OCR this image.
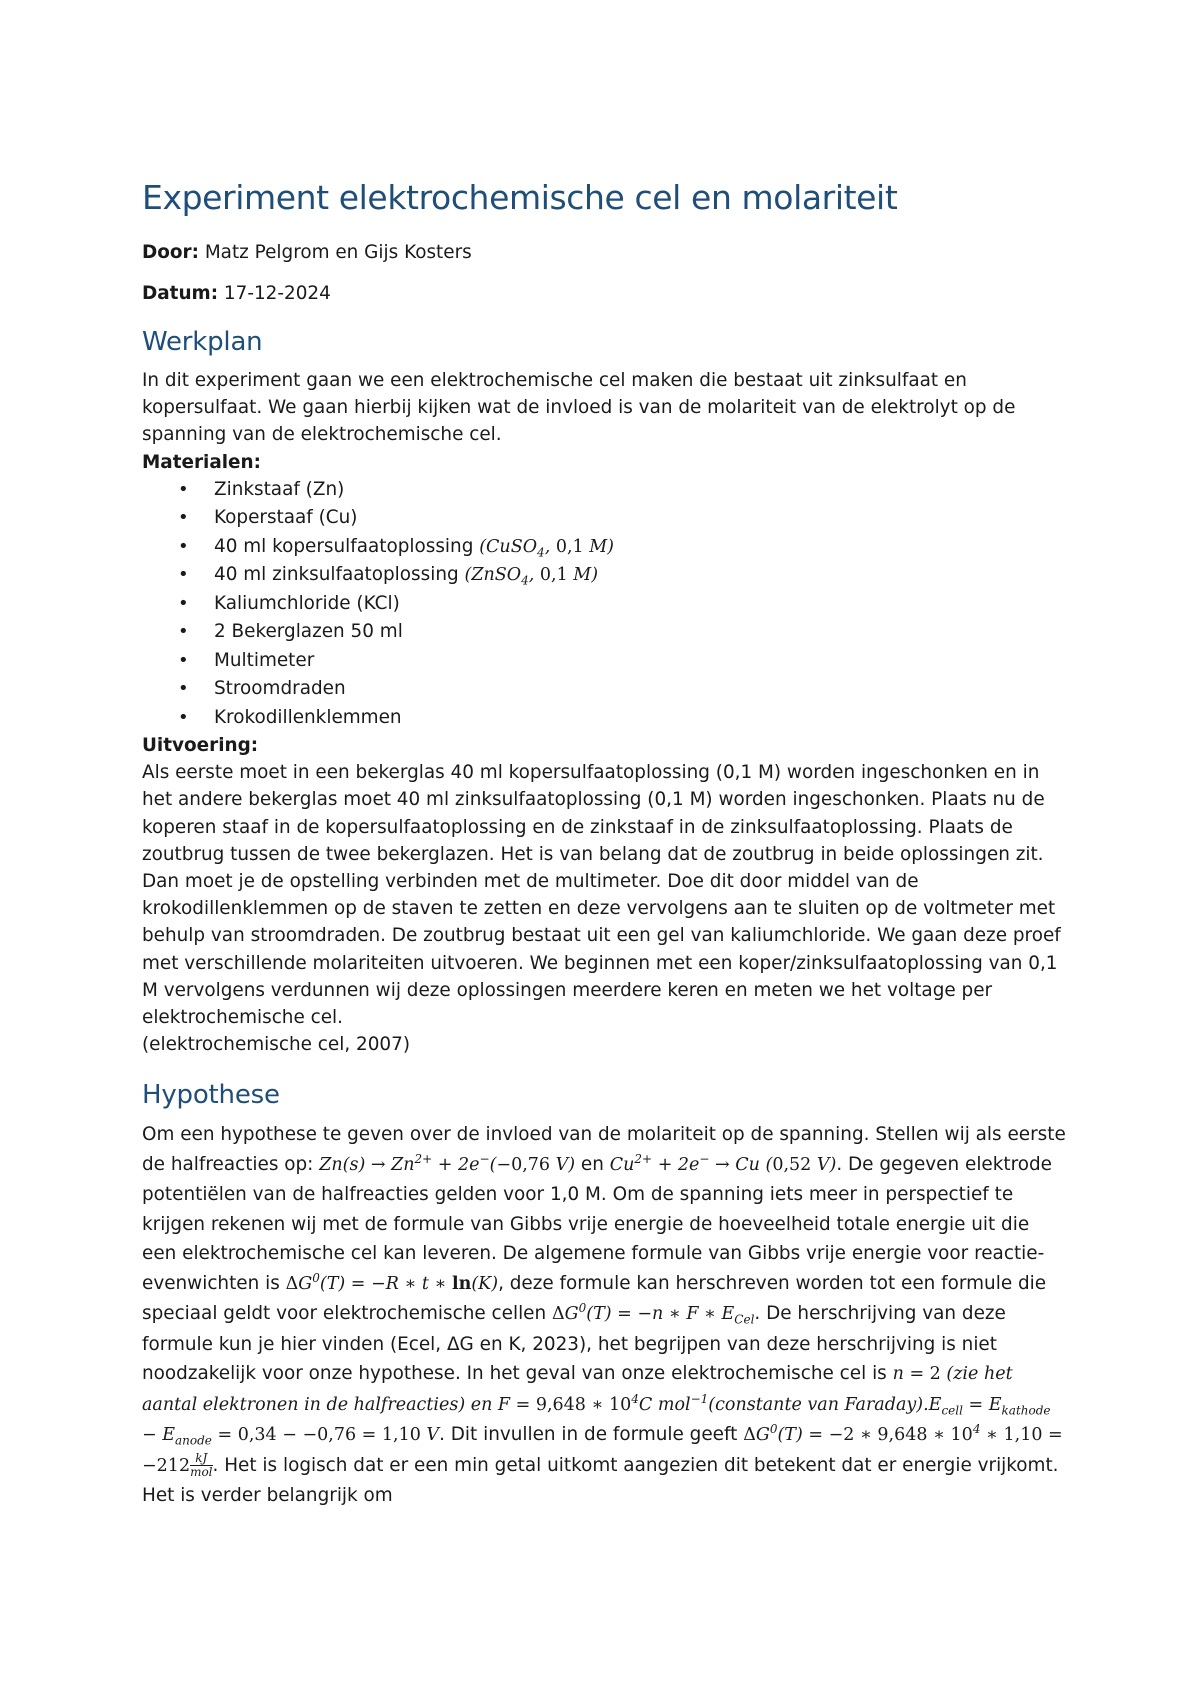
Experiment elektrochemische cel en molariteit

Door: Matz Pelgrom en Gijs Kosters

Datum: 17-12-2024

Werkplan

In dit experiment gaan we een elektrochemische cel maken die bestaat uit zinksulfaat en kopersulfaat. We gaan hierbij kijken wat de invloed is van de molariteit van de elektrolyt op de spanning van de elektrochemische cel.

Materialen:
• Zinkstaaf (Zn)
• Koperstaaf (Cu)
• 40 ml kopersulfaatoplossing (CuSO$_4$, 0,1 M)
• 40 ml zinksulfaatoplossing (ZnSO$_4$, 0,1 M)
• Kaliumchloride (KCl)
• 2 Bekerglazen 50 ml
• Multimeter
• Stroomdraden
• Krokodillenklemmen
Uitvoering:

Als eerste moet in een bekerglas 40 ml kopersulfaatoplossing (0,1 M) worden ingeschonken en in het andere bekerglas moet 40 ml zinksulfaatoplossing (0,1 M) worden ingeschonken. Plaats nu de koperen staaf in de kopersulfaatoplossing en de zinkstaaf in de zinksulfaatoplossing. Plaats de zoutbrug tussen de twee bekerglazen. Het is van belang dat de zoutbrug in beide oplossingen zit. Dan moet je de opstelling verbinden met de multimeter. Doe dit door middel van de krokodillenklemmen op de staven te zetten en deze vervolgens aan te sluiten op de voltmeter met behulp van stroomdraden. De zoutbrug bestaat uit een gel van kaliumchloride. We gaan deze proef met verschillende molariteiten uitvoeren. We beginnen met een koper/zinksulfaatoplossing van 0,1 M vervolgens verdunnen wij deze oplossingen meerdere keren en meten we het voltage per elektrochemische cel.

(elektrochemische cel, 2007)

Hypothese

Om een hypothese te geven over de invloed van de molariteit op de spanning. Stellen wij als eerste de halfreacties op: $Zn(s) \to Zn^{2+} + 2e^-(-0,76$ V) en $Cu^{2+} + 2e^- \to Cu$ (0,52 V). De gegeven elektrode potentiëlen van de halfreacties gelden voor 1,0 M. Om de spanning iets meer in perspectief te krijgen rekenen wij met de formule van Gibbs vrije energie de hoeveelheid totale energie uit die een elektrochemische cel kan leveren. De algemene formule van Gibbs vrije energie voor reactie-evenwichten is $\Delta G^0(T) = -R$ ∗ t ∗ ln(K), deze formule kan herschreven worden tot een formule die speciaal geldt voor elektrochemische cellen $\Delta G^0(T) = -n$ ∗ F ∗ $E_{Cel}$. De herschrijving van deze formule kun je hier vinden (Ecel, ΔG en K, 2023), het begrijpen van deze herschrijving is niet noodzakelijk voor onze hypothese. In het geval van onze elektrochemische cel is n = 2 (zie het aantal elektronen in de halfreacties) en F = 9,648 ∗ $10^4C$ mol$^{-1}$(constante van $Faraday).E_{cell} = E_{kathode} - E_{anode} = 0,34 - -0,76 = 1,10$ V. Dit invullen in de formule geeft $\Delta G^0(T) = -2$ ∗ 9,648 ∗ $10^4$ ∗ $1,10 = -212 \frac{kJ}{\text{mol}}$ . Het is logisch dat er een min getal uitkomt aangezien dit betekent dat er energie vrijkomt. Het is verder belangrijk om
